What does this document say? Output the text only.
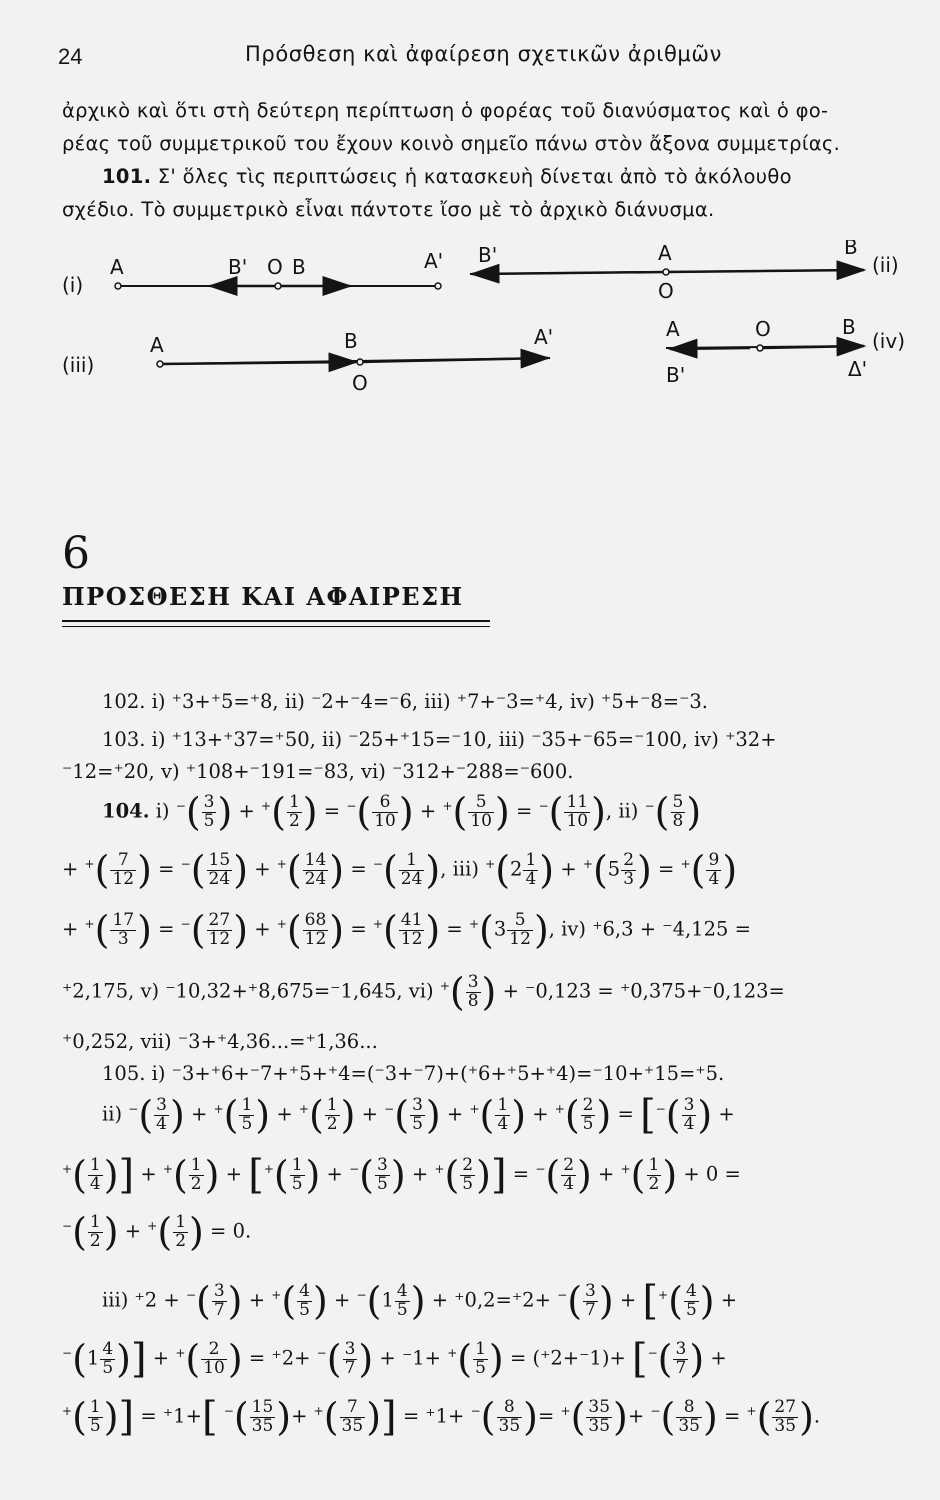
24	Πρόσθεση καὶ ἀφαίρεση σχετικῶν ἀριθμῶν

ἀρχικὸ καὶ ὅτι στὴ δεύτερη περίπτωση ὁ φορέας τοῦ διανύσματος καὶ ὁ φο-

ρέας τοῦ συμμετρικοῦ του ἔχουν κοινὸ σημεῖο πάνω στὸν ἄξονα συμμετρίας.

101. Σ' ὅλες τὶς περιπτώσεις ἡ κατασκευὴ δίνεται ἀπὸ τὸ ἀκόλουθο

σχέδιο. Τὸ συμμετρικὸ εἶναι πάντοτε ἴσο μὲ τὸ ἀρχικὸ διάνυσμα.

(i)
A	B' O B	A' B'	A
O
B
(ii)
(iii)
A	B
O
A'	A	O	B
(iv)
B'	Δ'
6
ΠΡΟΣΘΕΣΗ ΚΑΙ ΑΦΑΙΡΕΣΗ
102. i) ⁺3+⁺5=⁺8, ii) ⁻2+⁻4=⁻6, iii) ⁺7+⁻3=⁺4, iv) ⁺5+⁻8=⁻3.
103. i) ⁺13+⁺37=⁺50, ii) ⁻25+⁺15=⁻10, iii) ⁻35+⁻65=⁻100, iv) ⁺32+
⁻12=⁺20, v) ⁺108+⁻191=⁻83, vi) ⁻312+⁻288=⁻600.
104. i) $^-( \frac{3}{5}$ ) + $^+( \frac{1}{2}$ ) = $^-( \frac{6}{10}$ ) + $^+( \frac{5}{10}$ ) = $^-( \frac{11}{10}$ ), ii) $^-( \frac{5}{8}$ )
+ $^+( \frac{7}{12}$ ) = $^-( \frac{15}{24}$ ) + $^+( \frac{14}{24}$ ) = $^-( \frac{1}{24}$ ), iii) $^+(2 \frac{1}{4}$ ) + $^+(5 \frac{2}{3}$ ) = $^+( \frac{9}{4}$ )
+ $^+( \frac{17}{3}$ ) = $^-( \frac{27}{12}$ ) + $^+( \frac{68}{12}$ ) = $^+( \frac{41}{12}$ ) = $^+(3 \frac{5}{12}$ ), iv) ⁺6,3 + ⁻4,125 =
⁺2,175, v) ⁻10,32+⁺8,675=⁻1,645, vi) $^+( \frac{3}{8}$ ) + ⁻0,123 = ⁺0,375+⁻0,123=
⁺0,252, vii) ⁻3+⁺4,36...=⁺1,36...
105. i) ⁻3+⁺6+⁻7+⁺5+⁺4=(⁻3+⁻7)+(⁺6+⁺5+⁺4)=⁻10+⁺15=⁺5.
ii) $^-( \frac{3}{4}$ ) + $^+( \frac{1}{5}$ ) + $^+( \frac{1}{2}$ ) + $^-( \frac{3}{5}$ ) + $^+( \frac{1}{4}$ ) + $^+( \frac{2}{5}$ ) = [$^-( \frac{3}{4}$ ) +
$^+( \frac{1}{4}$ )] + $^+( \frac{1}{2}$ ) + [$^+( \frac{1}{5}$ ) + $^-( \frac{3}{5}$ ) + $^+( \frac{2}{5}$ )] = $^-( \frac{2}{4}$ ) + $^+( \frac{1}{2}$ ) + 0 =
$^-( \frac{1}{2}$ ) + $^+( \frac{1}{2}$ ) = 0.
iii) $^+2 + ^-( \frac{3}{7}$ ) + $^+( \frac{4}{5}$ ) + $^-(1 \frac{4}{5}$ ) + $^+0,2=^+2+ ^-( \frac{3}{7}$ ) + [$^+( \frac{4}{5}$ ) +
$^-(1 \frac{4}{5}$ )] + $^+( \frac{2}{10}$ ) = $^+2+ ^-( \frac{3}{7}$ ) + $^-1+ ^+( \frac{1}{5}$ ) = $(^+2+^-1)+ [^-( \frac{3}{7}$ ) +
$^+( \frac{1}{5}$ )] = ⁺1+[ $^-( \frac{15}{35}$ )+ $^+( \frac{7}{35}$ )] = $^+1+ ^-( \frac{8}{35}$ )= $^+( \frac{35}{35}$ )+ $^-( \frac{8}{35}$ ) = $^+( \frac{27}{35}$ ).
